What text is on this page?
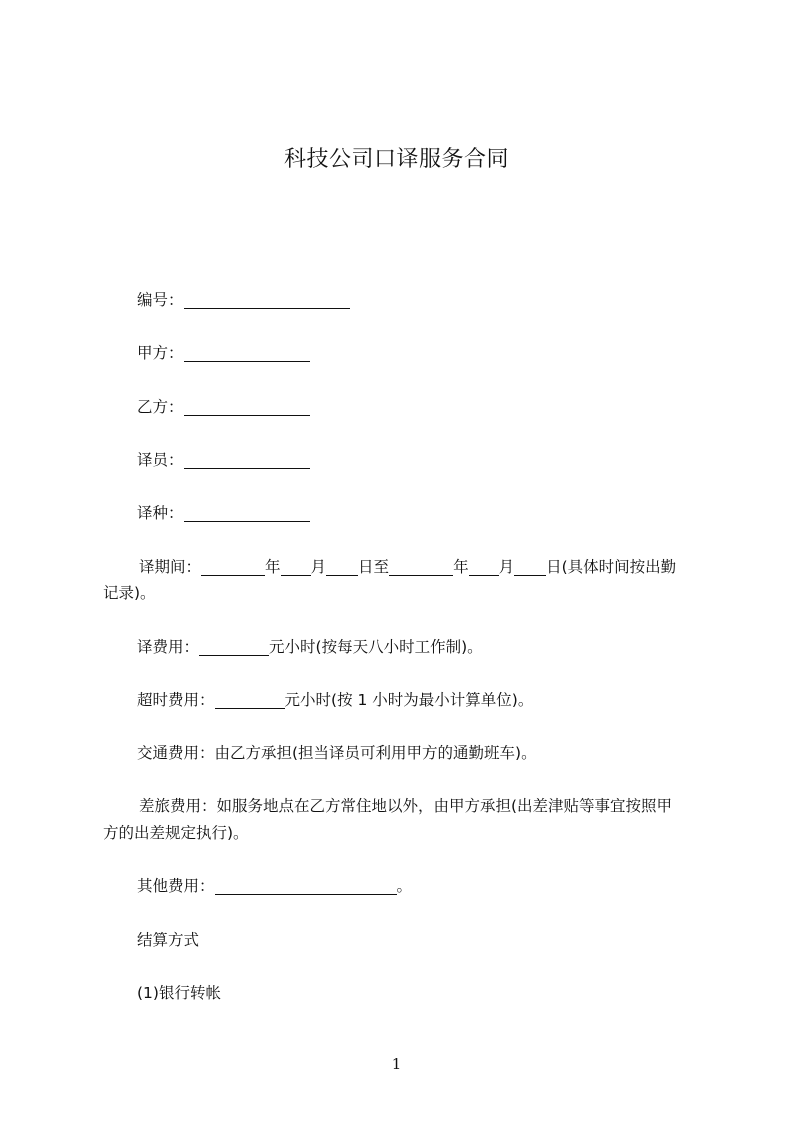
科技公司口译服务合同
编号：
甲方：
乙方：
译员：
译种：
译期间：	年 月 日至	年 月 日(具体时间按出勤
记录)。
译费用：	元小时(按每天八小时工作制)。
超时费用：	元小时(按 1 小时为最小计算单位)。
交通费用：由乙方承担(担当译员可利用甲方的通勤班车)。
差旅费用：如服务地点在乙方常住地以外，由甲方承担(出差津贴等事宜按照甲
方的出差规定执行)。
其他费用：	。
结算方式
(1)银行转帐
1
